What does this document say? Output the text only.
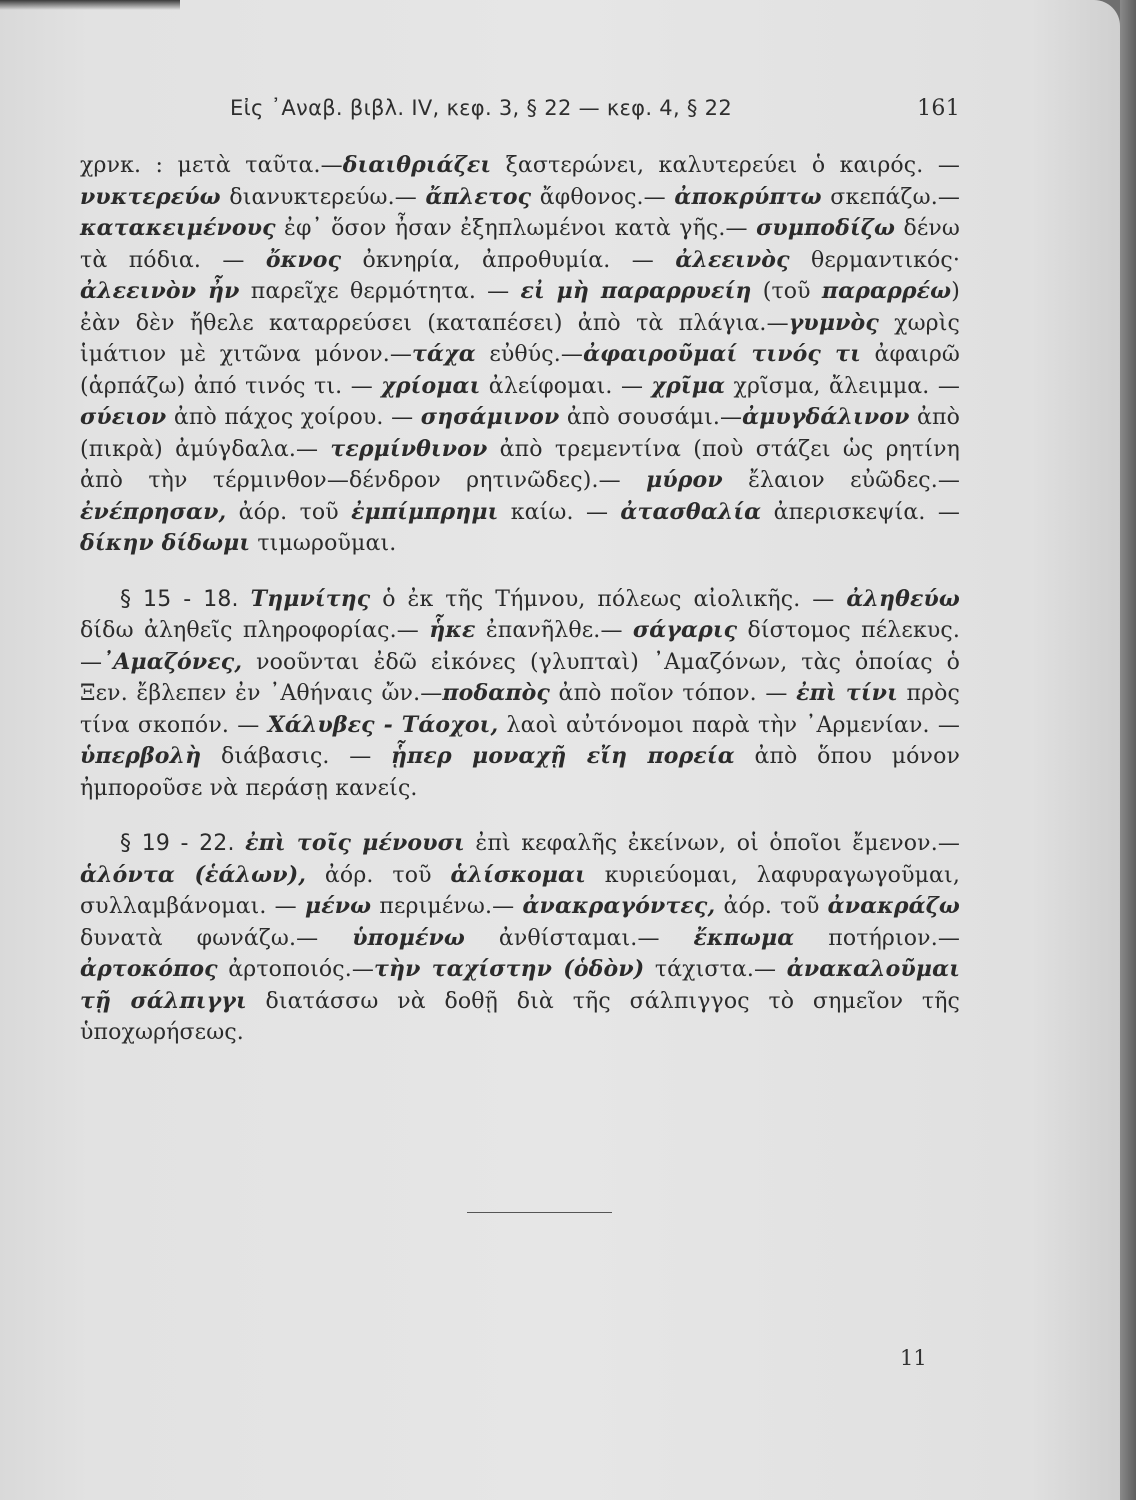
Εἰς ᾿Αναβ. βιβλ. IV, κεφ. 3, § 22 — κεφ. 4, § 22	161

χρνκ. : μετὰ ταῦτα.—διαιθριάζει ξαστερώνει, καλυτερεύει ὁ καιρός. —νυκτερεύω διανυκτερεύω.— ἄπλετος ἄφθονος.— ἀποκρύπτω σκεπάζω.—κατακειμένους ἐφ᾿ ὅσον ἦσαν ἐξηπλωμένοι κατὰ γῆς.— συμποδίζω δένω τὰ πόδια. — ὄκνος ὀκνηρία, ἀπροθυμία. — ἀλεεινὸς θερμαντικός· ἀλεεινὸν ἦν παρεῖχε θερμότητα. — εἰ μὴ παραρρυείη (τοῦ παραρρέω) ἐὰν δὲν ἤθελε καταρρεύσει (καταπέσει) ἀπὸ τὰ πλάγια.—γυμνὸς χωρὶς ἱμάτιον μὲ χιτῶνα μόνον.—τάχα εὐθύς.—ἀφαιροῦμαί τινός τι ἀφαιρῶ (ἁρπάζω) ἀπό τινός τι. — χρίομαι ἀλείφομαι. — χρῖμα χρῖσμα, ἄλειμμα. — σύειον ἀπὸ πάχος χοίρου. — σησάμινον ἀπὸ σουσάμι.—ἀμυγδάλινον ἀπὸ (πικρὰ) ἀμύγδαλα.— τερμίνθινον ἀπὸ τρεμεντίνα (ποὺ στάζει ὡς ρητίνη ἀπὸ τὴν τέρμινθον—δένδρον ρητινῶδες).— μύρον ἔλαιον εὐῶδες.— ἐνέπρησαν, ἀόρ. τοῦ ἐμπίμπρημι καίω. — ἀτασθαλία ἀπερισκεψία. — δίκην δίδωμι τιμωροῦμαι.

§ 15 - 18. Τημνίτης ὁ ἐκ τῆς Τήμνου, πόλεως αἰολικῆς. — ἀληθεύω δίδω ἀληθεῖς πληροφορίας.— ἧκε ἐπανῆλθε.— σάγαρις δίστομος πέλεκυς.—᾿Αμαζόνες, νοοῦνται ἐδῶ εἰκόνες (γλυπταὶ) ᾿Αμαζόνων, τὰς ὁποίας ὁ Ξεν. ἔβλεπεν ἐν ᾿Αθήναις ὤν.—ποδαπὸς ἀπὸ ποῖον τόπον. — ἐπὶ τίνι πρὸς τίνα σκοπόν. — Χάλυβες - Τάοχοι, λαοὶ αὐτόνομοι παρὰ τὴν ᾿Αρμενίαν. — ὑπερβολὴ διάβασις. — ᾗπερ μοναχῇ εἴη πορεία ἀπὸ ὅπου μόνον ἠμποροῦσε νὰ περάσῃ κανείς.

§ 19 - 22. ἐπὶ τοῖς μένουσι ἐπὶ κεφαλῆς ἐκείνων, οἱ ὁποῖοι ἔμενον.— ἁλόντα (ἑάλων), ἀόρ. τοῦ ἁλίσκομαι κυριεύομαι, λαφυραγωγοῦμαι, συλλαμβάνομαι. — μένω περιμένω.— ἀνακραγόντες, ἀόρ. τοῦ ἀνακράζω δυνατὰ φωνάζω.— ὑπομένω ἀνθίσταμαι.— ἔκπωμα ποτήριον.— ἀρτοκόπος ἀρτοποιός.—τὴν ταχίστην (ὁδὸν) τάχιστα.— ἀνακαλοῦμαι τῇ σάλπιγγι διατάσσω νὰ δοθῇ διὰ τῆς σάλπιγγος τὸ σημεῖον τῆς ὑποχωρήσεως.

11
